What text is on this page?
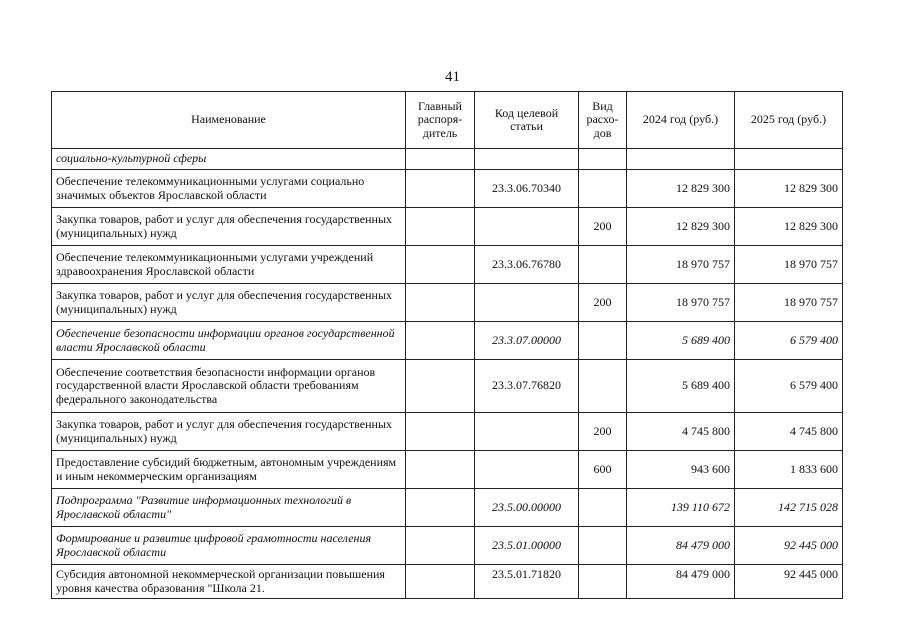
41
Наименование	Главный распоря-дитель	Код целевой статьи	Вид расхо-дов	2024 год (руб.)	2025 год (руб.)
социально-культурной сферы					
Обеспечение телекоммуникационными услугами социально значимых объектов Ярославской области		23.3.06.70340		12 829 300	12 829 300
Закупка товаров, работ и услуг для обеспечения государственных (муниципальных) нужд			200	12 829 300	12 829 300
Обеспечение телекоммуникационными услугами учреждений здравоохранения Ярославской области		23.3.06.76780		18 970 757	18 970 757
Закупка товаров, работ и услуг для обеспечения государственных (муниципальных) нужд			200	18 970 757	18 970 757
Обеспечение безопасности информации органов государственной власти Ярославской области		23.3.07.00000		5 689 400	6 579 400
Обеспечение соответствия безопасности информации органов государственной власти Ярославской области требованиям федерального законодательства		23.3.07.76820		5 689 400	6 579 400
Закупка товаров, работ и услуг для обеспечения государственных (муниципальных) нужд			200	4 745 800	4 745 800
Предоставление субсидий бюджетным, автономным учреждениям и иным некоммерческим организациям			600	943 600	1 833 600
Подпрограмма "Развитие информационных технологий в Ярославской области"		23.5.00.00000		139 110 672	142 715 028
Формирование и развитие цифровой грамотности населения Ярославской области		23.5.01.00000		84 479 000	92 445 000
Субсидия автономной некоммерческой организации повышения уровня качества образования "Школа 21.		23.5.01.71820		84 479 000	92 445 000
